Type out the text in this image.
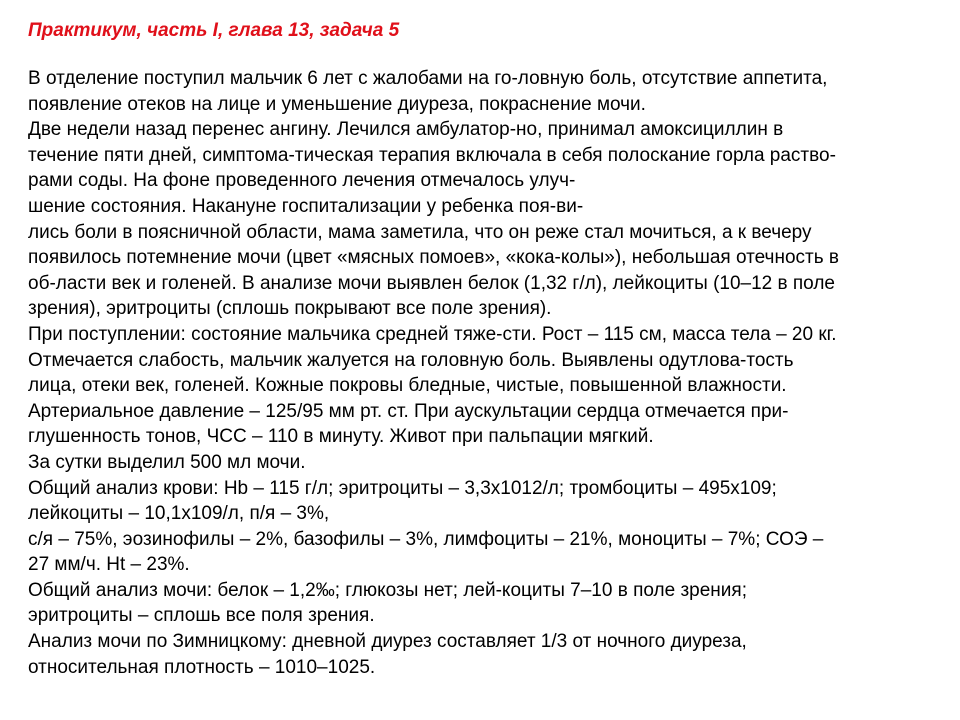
Практикум, часть I, глава 13, задача 5
В отделение поступил мальчик 6 лет с жалобами на го-ловную боль, отсутствие аппетита,
появление отеков на лице и уменьшение диуреза, покраснение мочи.
Две недели назад перенес ангину. Лечился амбулатор-но, принимал амоксициллин в
течение пяти дней, симптома-тическая терапия включала в себя полоскание горла раство-
рами соды. На фоне проведенного лечения отмечалось улуч-
шение состояния. Накануне госпитализации у ребенка поя-ви-
лись боли в поясничной области, мама заметила, что он реже стал мочиться, а к вечеру
появилось потемнение мочи (цвет «мясных помоев», «кока-колы»), небольшая отечность в
об-ласти век и голеней. В анализе мочи выявлен белок (1,32 г/л), лейкоциты (10–12 в поле
зрения), эритроциты (сплошь покрывают все поле зрения).
При поступлении: состояние мальчика средней тяже-сти. Рост – 115 см, масса тела – 20 кг.
Отмечается слабость, мальчик жалуется на головную боль. Выявлены одутлова-тость
лица, отеки век, голеней. Кожные покровы бледные, чистые, повышенной влажности.
Артериальное давление – 125/95 мм рт. ст. При аускультации сердца отмечается при-
глушенность тонов, ЧСС – 110 в минуту. Живот при пальпации мягкий.
За сутки выделил 500 мл мочи.
Общий анализ крови: Hb – 115 г/л; эритроциты – 3,3х1012/л; тромбоциты – 495х109;
лейкоциты – 10,1х109/л, п/я – 3%,
с/я – 75%, эозинофилы – 2%, базофилы – 3%, лимфоциты – 21%, моноциты – 7%; СОЭ –
27 мм/ч. Ht – 23%.
Общий анализ мочи: белок – 1,2‰; глюкозы нет; лей-коциты 7–10 в поле зрения;
эритроциты – сплошь все поля зрения.
Анализ мочи по Зимницкому: дневной диурез составляет 1/3 от ночного диуреза,
относительная плотность – 1010–1025.
